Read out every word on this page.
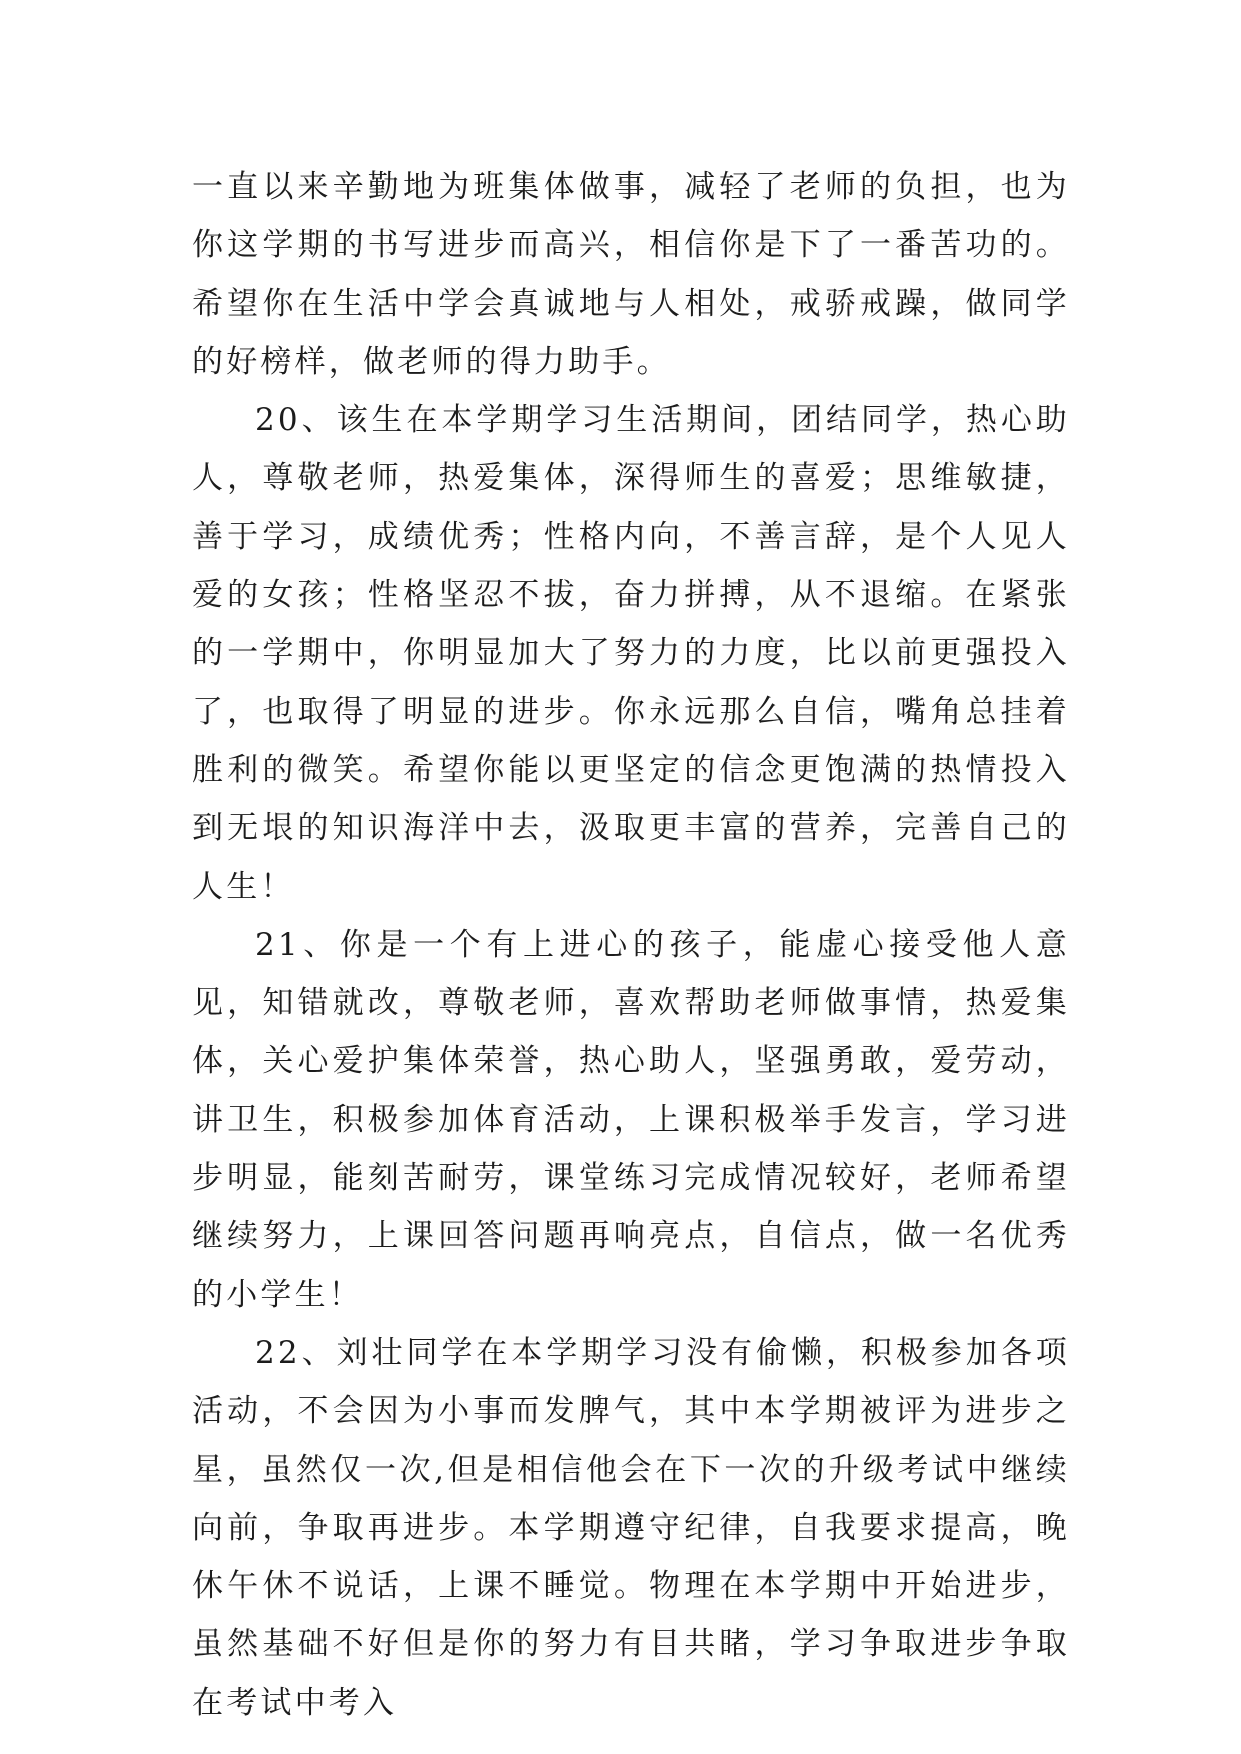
一直以来辛勤地为班集体做事，减轻了老师的负担，也为你这学期的书写进步而高兴，相信你是下了一番苦功的。希望你在生活中学会真诚地与人相处，戒骄戒躁，做同学的好榜样，做老师的得力助手。

20、该生在本学期学习生活期间，团结同学，热心助人，尊敬老师，热爱集体，深得师生的喜爱；思维敏捷，善于学习，成绩优秀；性格内向，不善言辞，是个人见人爱的女孩；性格坚忍不拔，奋力拼搏，从不退缩。在紧张的一学期中，你明显加大了努力的力度，比以前更强投入了，也取得了明显的进步。你永远那么自信，嘴角总挂着胜利的微笑。希望你能以更坚定的信念更饱满的热情投入到无垠的知识海洋中去，汲取更丰富的营养，完善自己的人生！

21、你是一个有上进心的孩子，能虚心接受他人意见，知错就改，尊敬老师，喜欢帮助老师做事情，热爱集体，关心爱护集体荣誉，热心助人，坚强勇敢，爱劳动，讲卫生，积极参加体育活动，上课积极举手发言，学习进步明显，能刻苦耐劳，课堂练习完成情况较好，老师希望继续努力，上课回答问题再响亮点，自信点，做一名优秀的小学生！

22、刘壮同学在本学期学习没有偷懒，积极参加各项活动，不会因为小事而发脾气，其中本学期被评为进步之星，虽然仅一次,但是相信他会在下一次的升级考试中继续向前，争取再进步。本学期遵守纪律，自我要求提高，晚休午休不说话，上课不睡觉。物理在本学期中开始进步，虽然基础不好但是你的努力有目共睹，学习争取进步争取在考试中考入
